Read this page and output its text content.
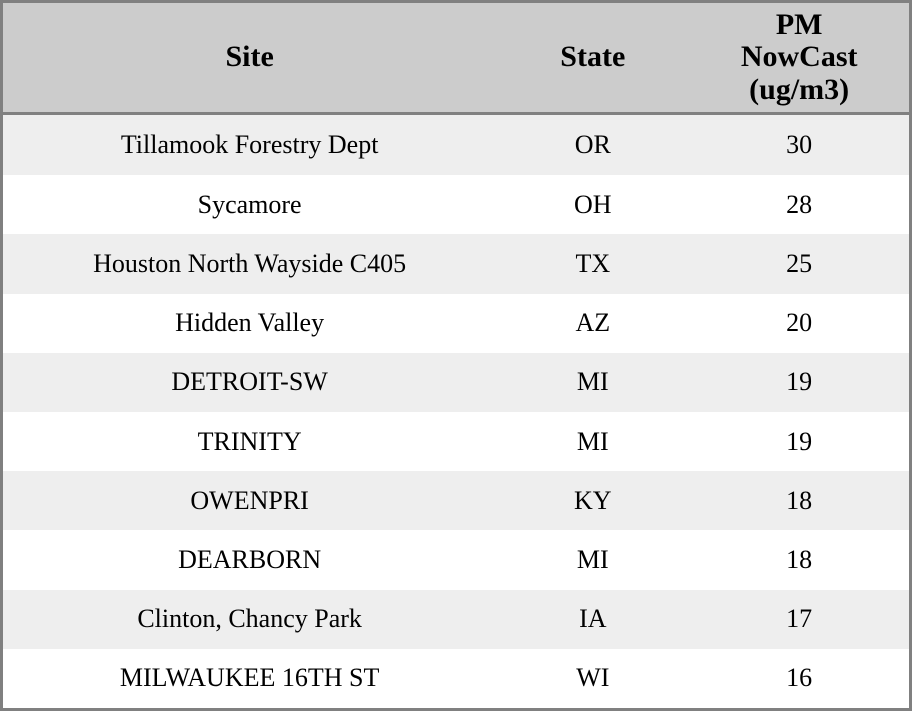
Site	State	PM
NowCast
(ug/m3)

Tillamook Forestry Dept	OR	30
Sycamore	OH	28
Houston North Wayside C405	TX	25
Hidden Valley	AZ	20
DETROIT-SW	MI	19
TRINITY	MI	19
OWENPRI	KY	18
DEARBORN	MI	18
Clinton, Chancy Park	IA	17
MILWAUKEE 16TH ST	WI	16
